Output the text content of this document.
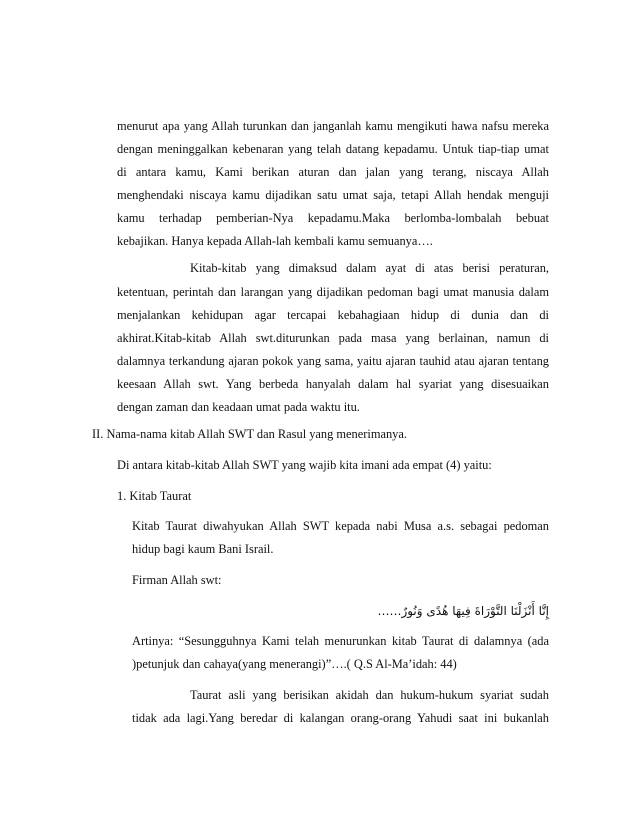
menurut apa yang Allah turunkan dan janganlah kamu mengikuti hawa nafsu mereka
dengan meninggalkan kebenaran yang telah datang kepadamu. Untuk tiap-tiap umat
di antara kamu, Kami berikan aturan dan jalan yang terang, niscaya Allah
menghendaki niscaya kamu dijadikan satu umat saja, tetapi Allah hendak menguji
kamu terhadap pemberian-Nya kepadamu.Maka berlomba-lombalah bebuat
kebajikan. Hanya kepada Allah-lah kembali kamu semuanya….
Kitab-kitab yang dimaksud dalam ayat di atas berisi peraturan,
ketentuan, perintah dan larangan yang dijadikan pedoman bagi umat manusia dalam
menjalankan kehidupan agar tercapai kebahagiaan hidup di dunia dan di
akhirat.Kitab-kitab Allah swt.diturunkan pada masa yang berlainan, namun di
dalamnya terkandung ajaran pokok yang sama, yaitu ajaran tauhid atau ajaran tentang
keesaan Allah swt. Yang berbeda hanyalah dalam hal syariat yang disesuaikan
dengan zaman dan keadaan umat pada waktu itu.
II. Nama-nama kitab Allah SWT dan Rasul yang menerimanya.
Di antara kitab-kitab Allah SWT yang wajib kita imani ada empat (4) yaitu:
1. Kitab Taurat
Kitab Taurat diwahyukan Allah SWT kepada nabi Musa a.s. sebagai pedoman
hidup bagi kaum Bani Israil.
Firman Allah swt:
إِنَّا أَنْزَلْنَا التَّوْرَاةَ فِيهَا هُدًى وَنُورٌ……
Artinya: “Sesungguhnya Kami telah menurunkan kitab Taurat di dalamnya (ada
)petunjuk dan cahaya(yang menerangi)”….( Q.S Al-Ma’idah: 44)
Taurat asli yang berisikan akidah dan hukum-hukum syariat sudah
tidak ada lagi.Yang beredar di kalangan orang-orang Yahudi saat ini bukanlah
